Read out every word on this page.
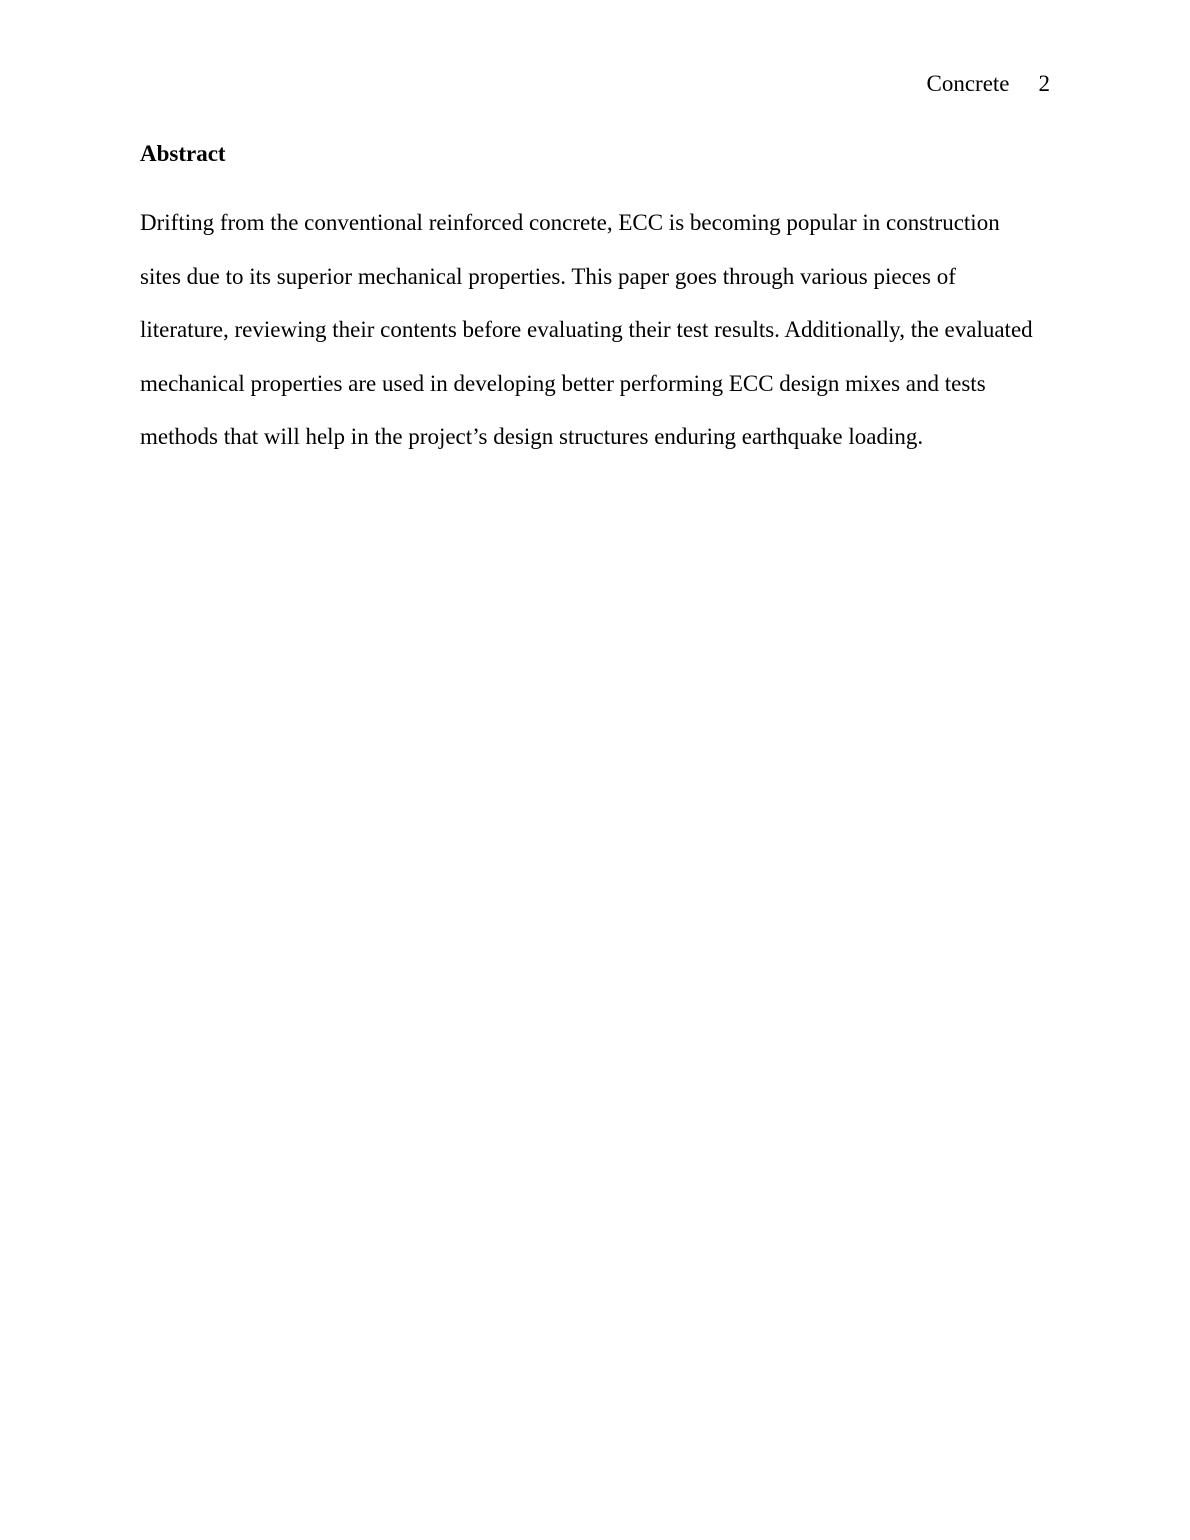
Concrete 2
Abstract
Drifting from the conventional reinforced concrete, ECC is becoming popular in construction
sites due to its superior mechanical properties. This paper goes through various pieces of
literature, reviewing their contents before evaluating their test results. Additionally, the evaluated
mechanical properties are used in developing better performing ECC design mixes and tests
methods that will help in the project’s design structures enduring earthquake loading.
